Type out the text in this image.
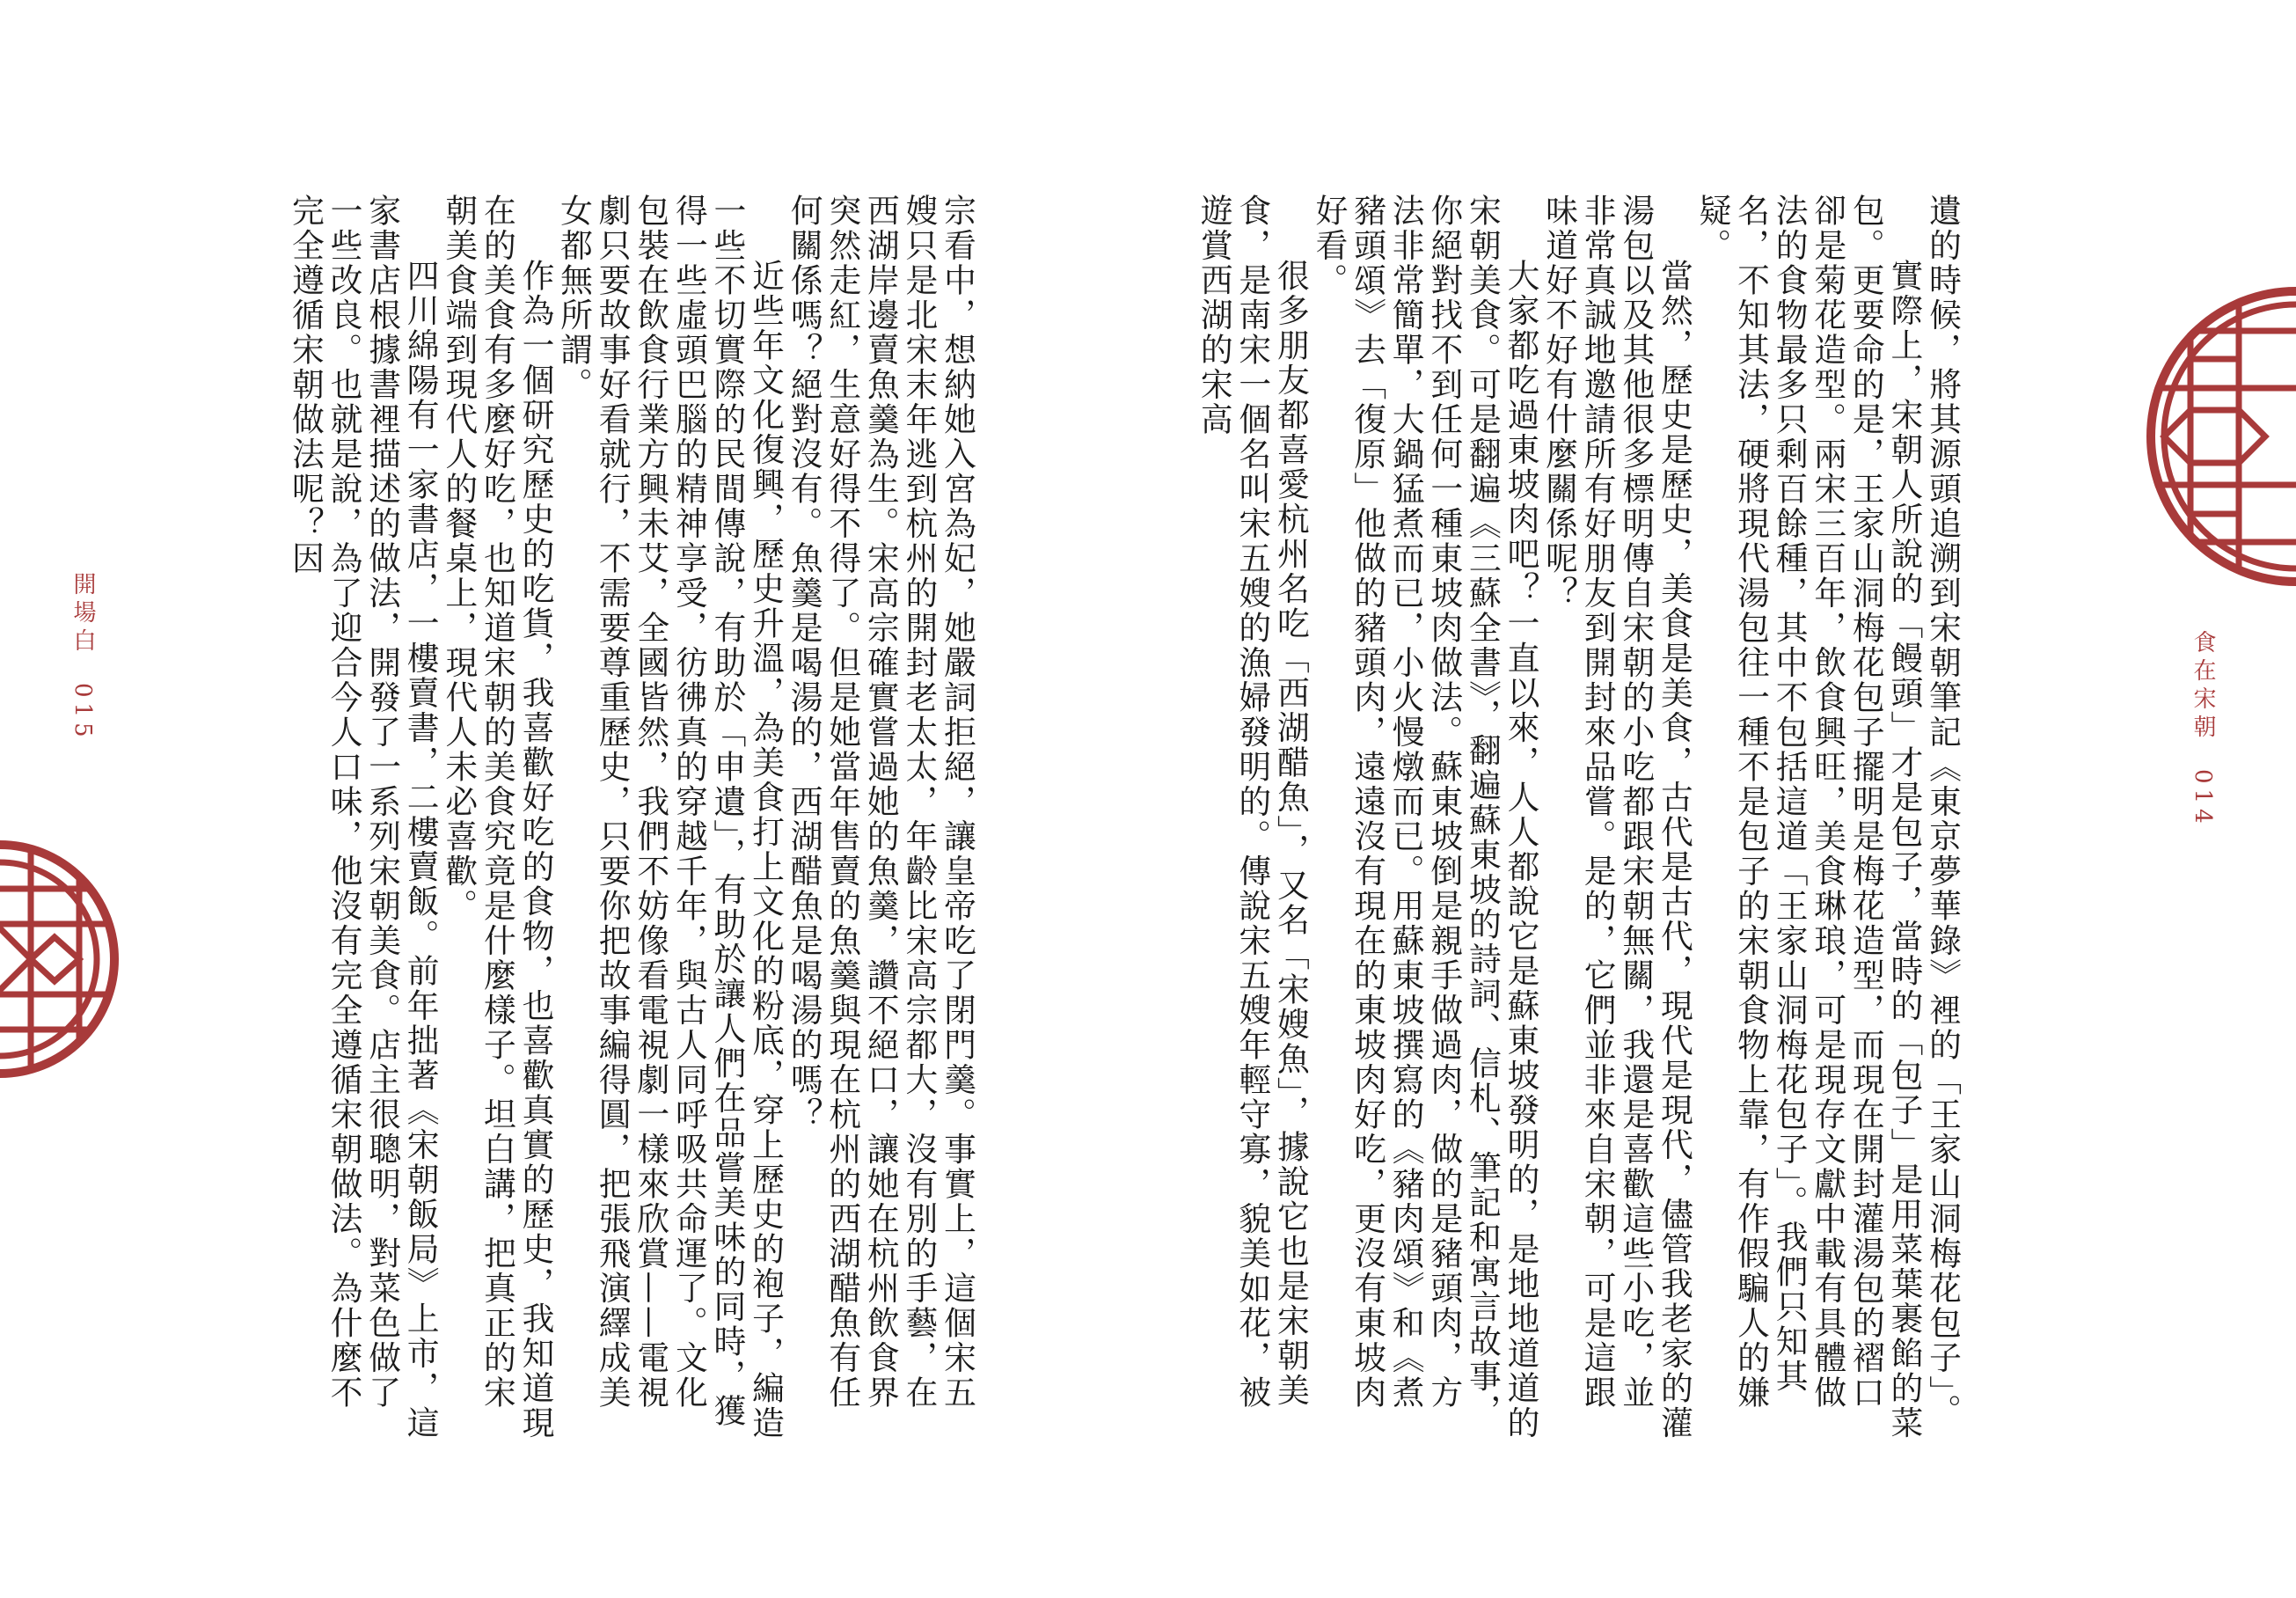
遺的時候，將其源頭追溯到宋朝筆記《東京夢華錄》裡的「王家山洞梅花包子」。

實際上，宋朝人所說的「饅頭」才是包子，當時的「包子」是用菜葉裹餡的菜包。更要命的是，王家山洞梅花包子擺明是梅花造型，而現在開封灌湯包的褶口卻是菊花造型。兩宋三百年，飲食興旺，美食琳琅，可是現存文獻中載有具體做法的食物最多只剩百餘種，其中不包括這道「王家山洞梅花包子」。我們只知其名，不知其法，硬將現代湯包往一種不是包子的宋朝食物上靠，有作假騙人的嫌疑。

當然，歷史是歷史，美食是美食，古代是古代，現代是現代，儘管我老家的灌湯包以及其他很多標明傳自宋朝的小吃都跟宋朝無關，我還是喜歡這些小吃，並非常真誠地邀請所有好朋友到開封來品嘗。是的，它們並非來自宋朝，可是這跟味道好不好有什麼關係呢？

大家都吃過東坡肉吧？一直以來，人人都說它是蘇東坡發明的，是地地道道的宋朝美食。可是翻遍《三蘇全書》，翻遍蘇東坡的詩詞、信札、筆記和寓言故事，你絕對找不到任何一種東坡肉做法。蘇東坡倒是親手做過肉，做的是豬頭肉，方法非常簡單，大鍋猛煮而已，小火慢燉而已。用蘇東坡撰寫的《豬肉頌》和《煮豬頭頌》去「復原」他做的豬頭肉，遠遠沒有現在的東坡肉好吃，更沒有東坡肉好看。

很多朋友都喜愛杭州名吃「西湖醋魚」，又名「宋嫂魚」，據說它也是宋朝美食，是南宋一個名叫宋五嫂的漁婦發明的。傳說宋五嫂年輕守寡，貌美如花，被遊賞西湖的宋高

食在宋朝014

宗看中，想納她入宮為妃，她嚴詞拒絕，讓皇帝吃了閉門羹。事實上，這個宋五嫂只是北宋末年逃到杭州的開封老太太，年齡比宋高宗都大，沒有別的手藝，在西湖岸邊賣魚羹為生。宋高宗確實嘗過她的魚羹，讚不絕口，讓她在杭州飲食界突然走紅，生意好得不得了。但是她當年售賣的魚羹與現在杭州的西湖醋魚有任何關係嗎？絕對沒有。魚羹是喝湯的，西湖醋魚是喝湯的嗎？

近些年文化復興，歷史升溫，為美食打上文化的粉底，穿上歷史的袍子，編造一些不切實際的民間傳說，有助於「申遺」，有助於讓人們在品嘗美味的同時，獲得一些虛頭巴腦的精神享受，彷彿真的穿越千年，與古人同呼吸共命運了。文化包裝在飲食行業方興未艾，全國皆然，我們不妨像看電視劇一樣來欣賞——電視劇只要故事好看就行，不需要尊重歷史，只要你把故事編得圓，把張飛演繹成美女都無所謂。

作為一個研究歷史的吃貨，我喜歡好吃的食物，也喜歡真實的歷史，我知道現在的美食有多麼好吃，也知道宋朝的美食究竟是什麼樣子。坦白講，把真正的宋朝美食端到現代人的餐桌上，現代人未必喜歡。

四川綿陽有一家書店，一樓賣書，二樓賣飯。前年拙著《宋朝飯局》上市，這家書店根據書裡描述的做法，開發了一系列宋朝美食。店主很聰明，對菜色做了一些改良。也就是說，為了迎合今人口味，他沒有完全遵循宋朝做法。為什麼不完全遵循宋朝做法呢？因

開場白015
